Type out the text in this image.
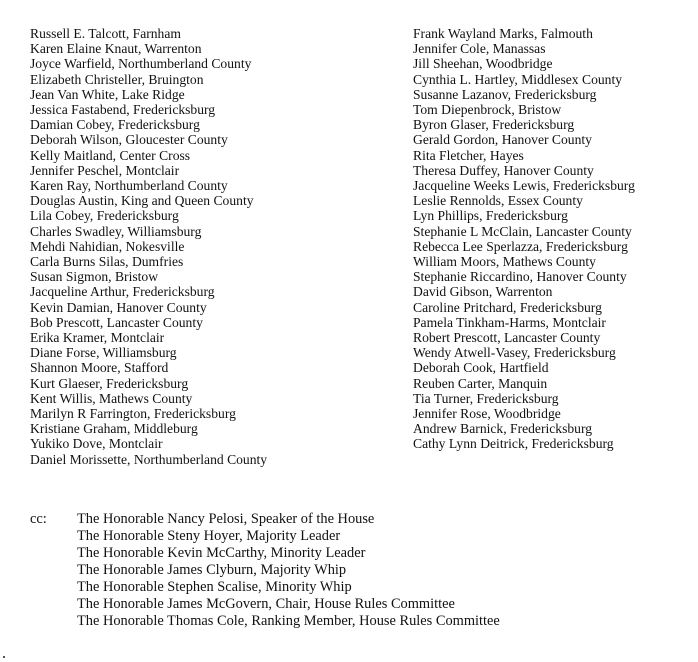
Russell E. Talcott, Farnham
Karen Elaine Knaut, Warrenton
Joyce Warfield, Northumberland County
Elizabeth Christeller, Bruington
Jean Van White, Lake Ridge
Jessica Fastabend, Fredericksburg
Damian Cobey, Fredericksburg
Deborah Wilson, Gloucester County
Kelly Maitland, Center Cross
Jennifer Peschel, Montclair
Karen Ray, Northumberland County
Douglas Austin, King and Queen County
Lila Cobey, Fredericksburg
Charles Swadley, Williamsburg
Mehdi Nahidian, Nokesville
Carla Burns Silas, Dumfries
Susan Sigmon, Bristow
Jacqueline Arthur, Fredericksburg
Kevin Damian, Hanover County
Bob Prescott, Lancaster County
Erika Kramer, Montclair
Diane Forse, Williamsburg
Shannon Moore, Stafford
Kurt Glaeser, Fredericksburg
Kent Willis, Mathews County
Marilyn R Farrington, Fredericksburg
Kristiane Graham, Middleburg
Yukiko Dove, Montclair
Daniel Morissette, Northumberland County
Frank Wayland Marks, Falmouth
Jennifer Cole, Manassas
Jill Sheehan, Woodbridge
Cynthia L. Hartley, Middlesex County
Susanne Lazanov, Fredericksburg
Tom Diepenbrock, Bristow
Byron Glaser, Fredericksburg
Gerald Gordon, Hanover County
Rita Fletcher, Hayes
Theresa Duffey, Hanover County
Jacqueline Weeks Lewis, Fredericksburg
Leslie Rennolds, Essex County
Lyn Phillips, Fredericksburg
Stephanie L McClain, Lancaster County
Rebecca Lee Sperlazza, Fredericksburg
William Moors, Mathews County
Stephanie Riccardino, Hanover County
David Gibson, Warrenton
Caroline Pritchard, Fredericksburg
Pamela Tinkham-Harms, Montclair
Robert Prescott, Lancaster County
Wendy Atwell-Vasey, Fredericksburg
Deborah Cook, Hartfield
Reuben Carter, Manquin
Tia Turner, Fredericksburg
Jennifer Rose, Woodbridge
Andrew Barnick, Fredericksburg
Cathy Lynn Deitrick, Fredericksburg
cc: The Honorable Nancy Pelosi, Speaker of the House
The Honorable Steny Hoyer, Majority Leader
The Honorable Kevin McCarthy, Minority Leader
The Honorable James Clyburn, Majority Whip
The Honorable Stephen Scalise, Minority Whip
The Honorable James McGovern, Chair, House Rules Committee
The Honorable Thomas Cole, Ranking Member, House Rules Committee
